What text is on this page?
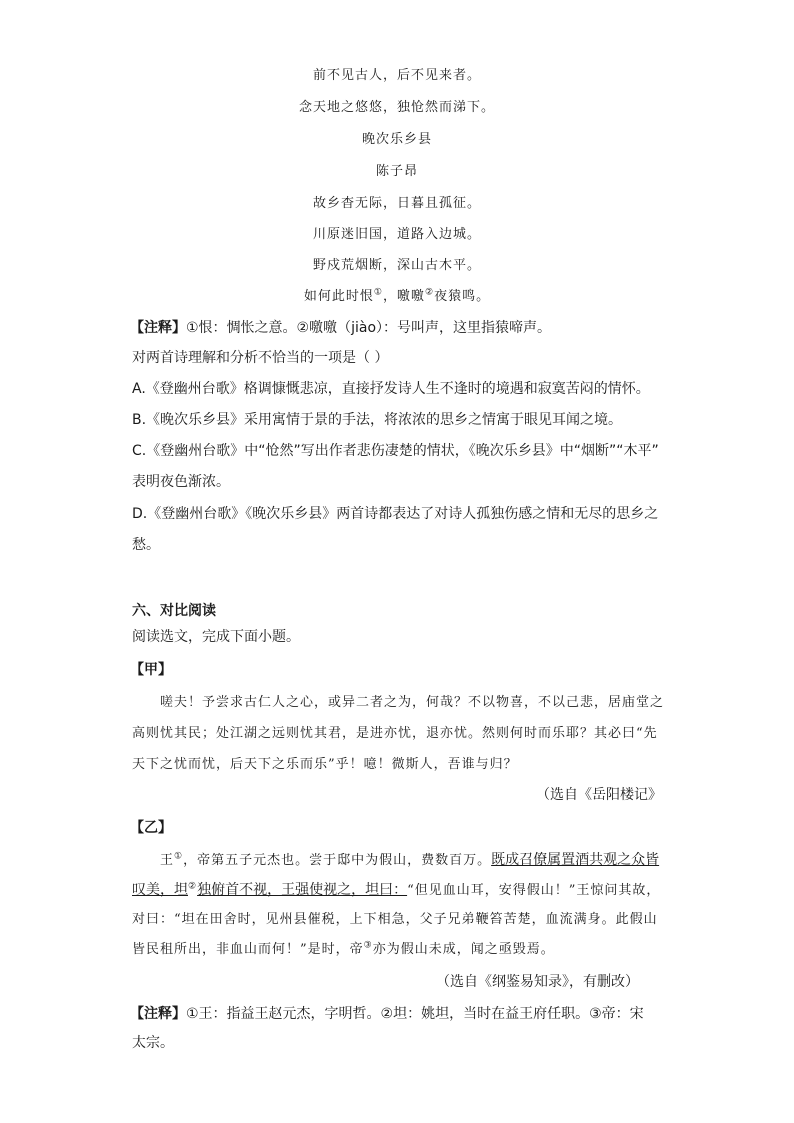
前不见古人，后不见来者。
念天地之悠悠，独怆然而涕下。
晚次乐乡县
陈子昂
故乡杳无际，日暮且孤征。
川原迷旧国，道路入边城。
野戍荒烟断，深山古木平。
如何此时恨①，噭噭②夜猿鸣。
【注释】①恨：惆怅之意。②噭噭（jiào）：号叫声，这里指猿啼声。
对两首诗理解和分析不恰当的一项是（ ）
A.《登幽州台歌》格调慷慨悲凉，直接抒发诗人生不逢时的境遇和寂寞苦闷的情怀。
B.《晚次乐乡县》采用寓情于景的手法，将浓浓的思乡之情寓于眼见耳闻之境。
C.《登幽州台歌》中“怆然”写出作者悲伤凄楚的情状，《晚次乐乡县》中“烟断”“木平”
表明夜色渐浓。
D.《登幽州台歌》《晚次乐乡县》两首诗都表达了对诗人孤独伤感之情和无尽的思乡之
愁。
六、对比阅读
阅读选文，完成下面小题。
【甲】
嗟夫！予尝求古仁人之心，或异二者之为，何哉？不以物喜，不以己悲，居庙堂之
高则忧其民；处江湖之远则忧其君，是进亦忧，退亦忧。然则何时而乐耶？其必曰“先
天下之忧而忧，后天下之乐而乐”乎！噫！微斯人，吾谁与归？
（选自《岳阳楼记》
【乙】
王①，帝第五子元杰也。尝于邸中为假山，费数百万。既成召僚属置酒共观之众皆
叹美，坦②独俯首不视，王强使视之，坦曰：“但见血山耳，安得假山！”王惊问其故，
对曰：“坦在田舍时，见州县催税，上下相急，父子兄弟鞭笞苦楚，血流满身。此假山
皆民租所出，非血山而何！”是时，帝③亦为假山未成，闻之亟毁焉。
（选自《纲鉴易知录》，有删改）
【注释】①王：指益王赵元杰，字明哲。②坦：姚坦，当时在益王府任职。③帝：宋
太宗。
